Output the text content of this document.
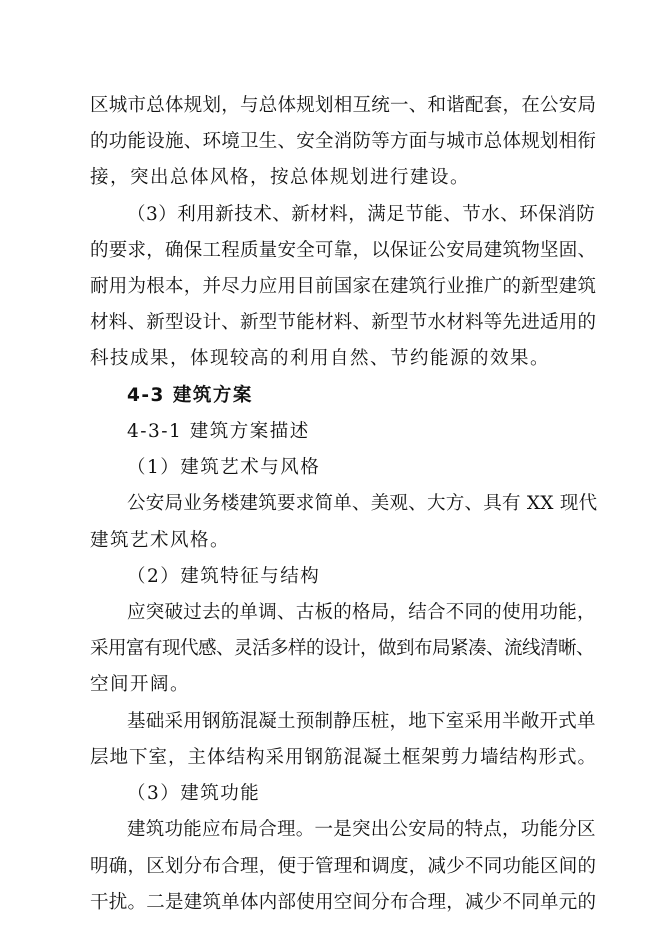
区城市总体规划，与总体规划相互统一、和谐配套，在公安局
的功能设施、环境卫生、安全消防等方面与城市总体规划相衔
接，突出总体风格，按总体规划进行建设。
（3）利用新技术、新材料，满足节能、节水、环保消防
的要求，确保工程质量安全可靠，以保证公安局建筑物坚固、
耐用为根本，并尽力应用目前国家在建筑行业推广的新型建筑
材料、新型设计、新型节能材料、新型节水材料等先进适用的
科技成果，体现较高的利用自然、节约能源的效果。
4-3 建筑方案
4-3-1 建筑方案描述
（1）建筑艺术与风格
公安局业务楼建筑要求简单、美观、大方、具有 XX 现代
建筑艺术风格。
（2）建筑特征与结构
应突破过去的单调、古板的格局，结合不同的使用功能，
采用富有现代感、灵活多样的设计，做到布局紧凑、流线清晰、
空间开阔。
基础采用钢筋混凝土预制静压桩，地下室采用半敞开式单
层地下室，主体结构采用钢筋混凝土框架剪力墙结构形式。
（3）建筑功能
建筑功能应布局合理。一是突出公安局的特点，功能分区
明确，区划分布合理，便于管理和调度，减少不同功能区间的
干扰。二是建筑单体内部使用空间分布合理，减少不同单元的
